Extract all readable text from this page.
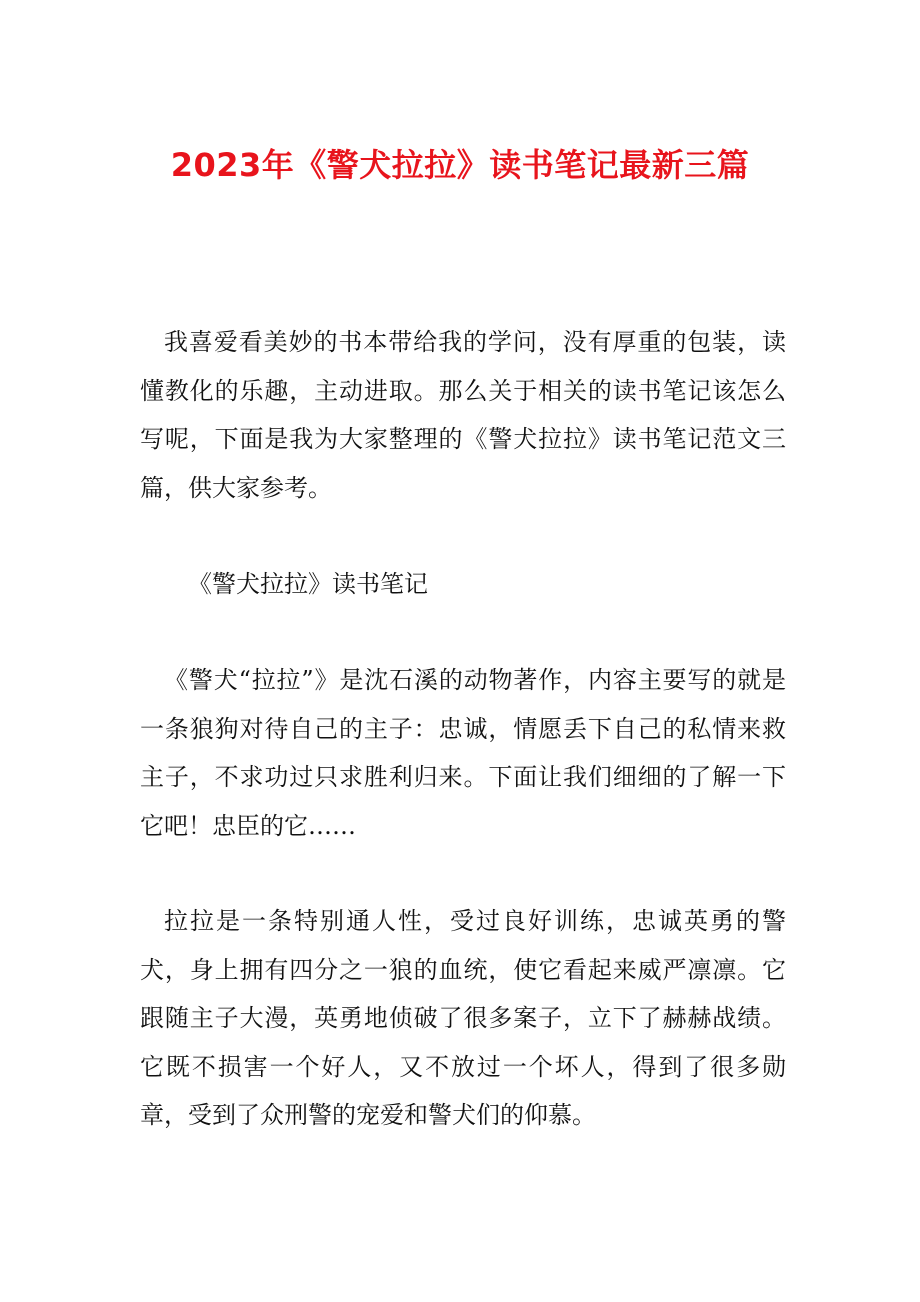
2023年《警犬拉拉》读书笔记最新三篇
我喜爱看美妙的书本带给我的学问，没有厚重的包装，读懂教化的乐趣，主动进取。那么关于相关的读书笔记该怎么写呢，下面是我为大家整理的《警犬拉拉》读书笔记范文三篇，供大家参考。
《警犬拉拉》读书笔记
《警犬“拉拉”》是沈石溪的动物著作，内容主要写的就是一条狼狗对待自己的主子：忠诚，情愿丢下自己的私情来救主子，不求功过只求胜利归来。下面让我们细细的了解一下它吧！忠臣的它……
拉拉是一条特别通人性，受过良好训练，忠诚英勇的警犬，身上拥有四分之一狼的血统，使它看起来威严凛凛。它跟随主子大漫，英勇地侦破了很多案子，立下了赫赫战绩。它既不损害一个好人，又不放过一个坏人，得到了很多勋章，受到了众刑警的宠爱和警犬们的仰慕。
